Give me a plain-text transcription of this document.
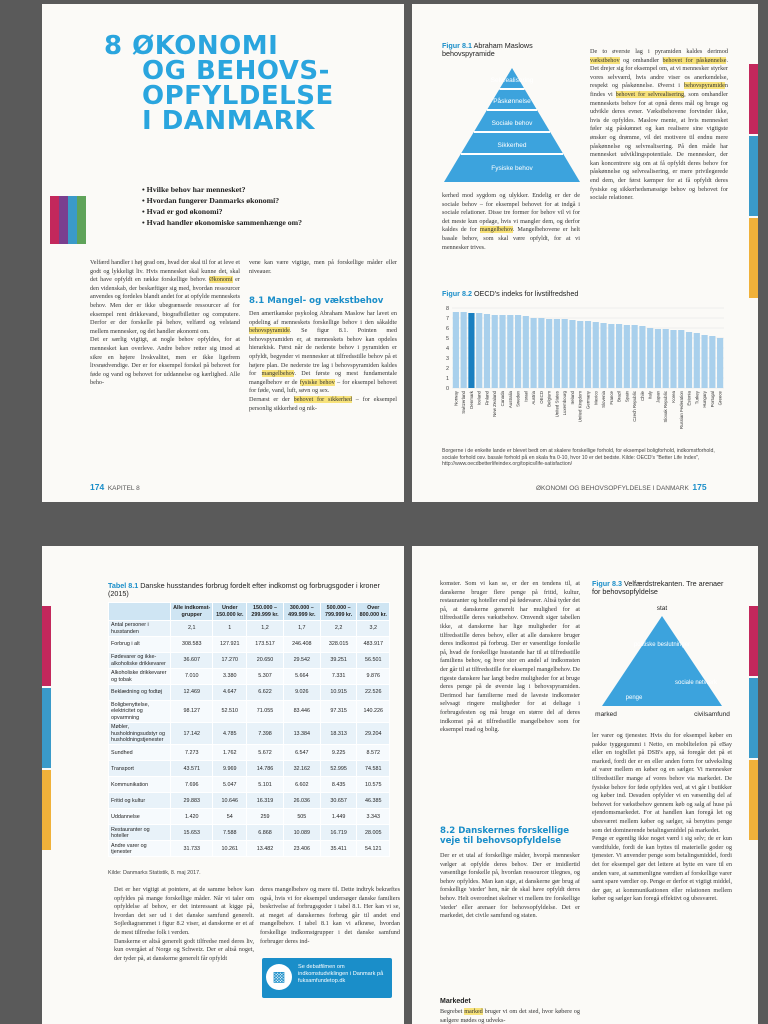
8 ØKONOMI
OG BEHOVS-
OPFYLDELSE
I DANMARK
• Hvilke behov har mennesket?
• Hvordan fungerer Danmarks økonomi?
• Hvad er god økonomi?
• Hvad handler økonomiske sammenhænge om?
Velfærd handler i høj grad om, hvad der skal til for at leve et godt og lykkeligt liv. Hvis mennesket skal kunne det, skal det have opfyldt en række forskellige behov. Økonomi er den videnskab, der beskæftiger sig med, hvordan ressourcer anvendes og fordeles blandt andet for at opfylde menneskets behov. Men der er ikke ubegrænsede ressourcer af for eksempel rent drikkevand, biografbilletter og computere. Derfor er der forskelle på behov, velfærd og velstand mellem mennesker, og det handler økonomi om.
Det er særlig vigtigt, at nogle behov opfyldes, for at mennesket kan overleve. Andre behov retter sig imod at sikre en højere livskvalitet, men er ikke ligefrem livsnødvendige. Der er for eksempel forskel på behovet for føde og vand og behovet for uddannelse og kærlighed. Alle beho-
vene kan være vigtige, men på forskellige måder eller niveauer.
8.1 Mangel- og vækstbehov
Den amerikanske psykolog Abraham Maslow har lavet en opdeling af menneskets forskellige behov i den såkaldte behovspyramide. Se figur 8.1. Pointen med behovspyramiden er, at menneskets behov kan opdeles hierarkisk. Først når de nederste behov i pyramiden er opfyldt, begynder vi mennesker at tilfredsstille behov på et højere plan. De nederste tre lag i behovspyramiden kaldes for mangelbehov. Det første og mest fundamentale mangelbehov er de fysiske behov – for eksempel behovet for føde, vand, luft, søvn og sex.
Dernæst er der behovet for sikkerhed – for eksempel personlig sikkerhed og nik-
174 KAPITEL 8
Figur 8.1 Abraham Maslows behovspyramide
Selvrealisering
Påskønnelse
Sociale behov
Sikkerhed
Fysiske behov
kerhed mod sygdom og ulykker. Endelig er der de sociale behov – for eksempel behovet for at indgå i sociale relationer. Disse tre former for behov vil vi for det meste kun opdage, hvis vi mangler dem, og derfor kaldes de for mangelbehov. Mangelbehovene er helt basale behov, som skal være opfyldt, for at vi mennesker trives.
De to øverste lag i pyramiden kaldes derimod vækstbehov og omhandler behovet for påskønnelse. Det drejer sig for eksempel om, at vi mennesker styrker vores selvværd, hvis andre viser os anerkendelse, respekt og påskønnelse. Øverst i behovspyramiden findes vi behovet for selvrealisering, som omhandler menneskets behov for at opnå deres mål og bruge og udvikle deres evner. Vækstbehovene forvinder ikke, hvis de opfyldes. Maslow mente, at hvis mennesket føler sig påskønnet og kan realisere sine vigtigste ønsker og drømme, vil det motivere til endnu mere påskønnelse og selvrealisering. På den måde har mennesket udviklingspotentiale. De mennesker, der kan koncentrere sig om at få opfyldt deres behov for påskønnelse og selvrealisering, er mere privilegerede end dem, der først kæmper for at få opfyldt deres fysiske og sikkerhedsmæssige behov og behovet for sociale relationer.
Figur 8.2 OECD's indeks for livstilfredshed
0
1
2
3
4
5
6
7
8
Norway Switzerland Denmark Iceland Finland New Zealand Canada Australia Sweden Israel Austria OECD Belgium United States Luxembourg Ireland United Kingdom Germany Mexico Slovenia France Brazil Spain Czech Republic Chile Italy Japan Slovak Republic Korea Russian Federation Estonia Turkey Hungary Portugal Greece
Borgerne i de enkelte lande er blevet bedt om at skalere forskellige forhold, for eksempel boligforhold, indkomstforhold, sociale forhold osv. basale forhold på en skala fra 0-10, hvor 10 er det bedste. Kilde: OECD's "Better Life Index", http://www.oecdbetterlifeindex.org/topics/life-satisfaction/
ØKONOMI OG BEHOVSOPFYLDELSE I DANMARK 175
Tabel 8.1 Danske husstandes forbrug fordelt efter indkomst og forbrugsgoder i kroner (2015)
	Alle indkomst-grupper	Under 150.000 kr.	150.000 – 299.999 kr.	300.000 – 499.999 kr.	500.000 – 799.999 kr.	Over 800.000 kr.
Antal personer i husstanden	2,1	1	1,2	1,7	2,2	3,2
Forbrug i alt	308.583	127.921	173.517	246.408	328.015	483.917
Fødevarer og ikke-alkoholiske drikkevarer	36.607	17.270	20.650	29.542	39.251	56.501
Alkoholiske drikkevarer og tobak	7.010	3.380	5.307	5.664	7.331	9.876
Beklædning og fodtøj	12.469	4.647	6.622	9.026	10.915	22.526
Boligbenyttelse, elektricitet og opvarmning	98.127	52.510	71.055	83.446	97.315	140.226
Møbler, husholdningsudstyr og husholdningstjenester	17.142	4.785	7.398	13.384	18.313	29.204
Sundhed	7.273	1.762	5.672	6.547	9.225	8.572
Transport	43.571	9.969	14.786	32.162	52.995	74.581
Kommunikation	7.696	5.047	5.101	6.602	8.435	10.575
Fritid og kultur	29.883	10.646	16.319	26.036	30.657	46.385
Uddannelse	1.420	54	259	505	1.449	3.343
Restauranter og hoteller	15.653	7.588	6.868	10.089	16.719	28.005
Andre varer og tjenester	31.733	10.261	13.482	23.406	35.411	54.121
Kilde: Danmarks Statistik, 8. maj 2017.
Det er her vigtigt at pointere, at de samme behov kan opfyldes på mange forskellige måder. Når vi taler om opfyldelse af behov, er det interessant at kigge på, hvordan det ser ud i det danske samfund generelt. Sojlediagrammet i figur 8.2 viser, at danskerne er et af de mest tilfredse folk i verden.
Danskerne er altså generelt godt tilfredse med deres liv, kun overgået af Norge og Schweiz. Der er altså noget, der tyder på, at danskerne generelt får opfyldt
deres mangelbehov og mere til. Dette indtryk bekræftes også, hvis vi for eksempel undersøger danske familiers beskrivelse af forbrugsgoder i tabel 8.1. Her kan vi se, at meget af danskernes forbrug går til andet end mangelbehov. I tabel 8.1 kan vi afkræse, hvordan forskellige indkomstgrupper i det danske samfund forbruger deres ind-
▩
Se debatfilmen om indkomstudviklingen i Danmark på fuksamfundetop.dk
komster. Som vi kan se, er der en tendens til, at danskerne bruger flere penge på fritid, kultur, restauranter og hoteller end på fødevarer. Altså tyder det på, at danskerne generelt har mulighed for at tilfredsstille deres vækstbehov. Omvendt siger tabellen ikke, at danskerne har lige muligheder for at tilfredsstille deres behov, eller at alle danskere bruger deres indkomst på forbrug. Der er væsentlige forskelle på, hvad de forskellige husstande har til at tilfredsstille familiens behov, og hvor stor en andel af indkomsten der går til at tilfredsstille for eksempel mangelbehov. De rigeste danskere har langt bedre muligheder for at bruge deres penge på de øverste lag i behovspyramiden. Derimod har familierne med de laveste indkomster selvsagt ringere muligheder for at deltage i forbrugsfesten og må bruge en større del af deres indkomst på at tilfredsstille mangelbehov som for eksempel mad og bolig.
8.2 Danskernes forskellige veje til behovsopfyldelse
Der er et utal af forskellige måder, hvorpå mennesker vælger at opfylde deres behov. Der er imidlertid væsentlige forskelle på, hvordan ressourcer tilegnes, og behov opfyldes. Man kan sige, at danskerne gør brug af forskellige 'steder' hen, når de skal have opfyldt deres behov. Helt overordnet skelner vi mellem tre forskellige 'steder' eller arenaer for behovsopfyldelse. Det er markedet, det civile samfund og staten.
Markedet
Begrebet marked bruger vi om det sted, hvor købere og sælgere mødes og udveks-
Figur 8.3 Velfærdstrekanten. Tre arenaer for behovsopfyldelse
stat
politiske beslutninger
penge
sociale netværk
marked	civilsamfund
ler varer og tjenester. Hvis du for eksempel køber en pakke tyggegummi i Netto, en mobiltelefon på eBay eller en togbillet på DSB's app, så foregår det på et marked, fordi der er en eller anden form for udveksling af varer mellem en køber og en sælger. Vi mennesker tilfredsstiller mange af vores behov via markedet. De fysiske behov for føde opfyldes ved, at vi går i butikker og køber ind. Desuden opfylder vi en væsentlig del af behovet for vækstbehov gennem køb og salg af huse på ejendomsmarkedet. For at handlen kan foregå let og ubesværet mellem køber og sælger, så benyttes penge som det dominerende betalingsmiddel på markedet.
Penge er egentlig ikke noget værd i sig selv; de er kun værdifulde, fordi de kan byttes til materielle goder og tjenester. Vi anvender penge som betalingsmiddel, fordi det for eksempel gør det lettere at bytte en vare til en anden vare, at sammenligne værdien af forskellige varer samt spare værdier op. Penge er derfor et vigtigt middel, der gør, at kommunikationen eller relationen mellem køber og sælger kan foregå effektivt og ubesværet.
